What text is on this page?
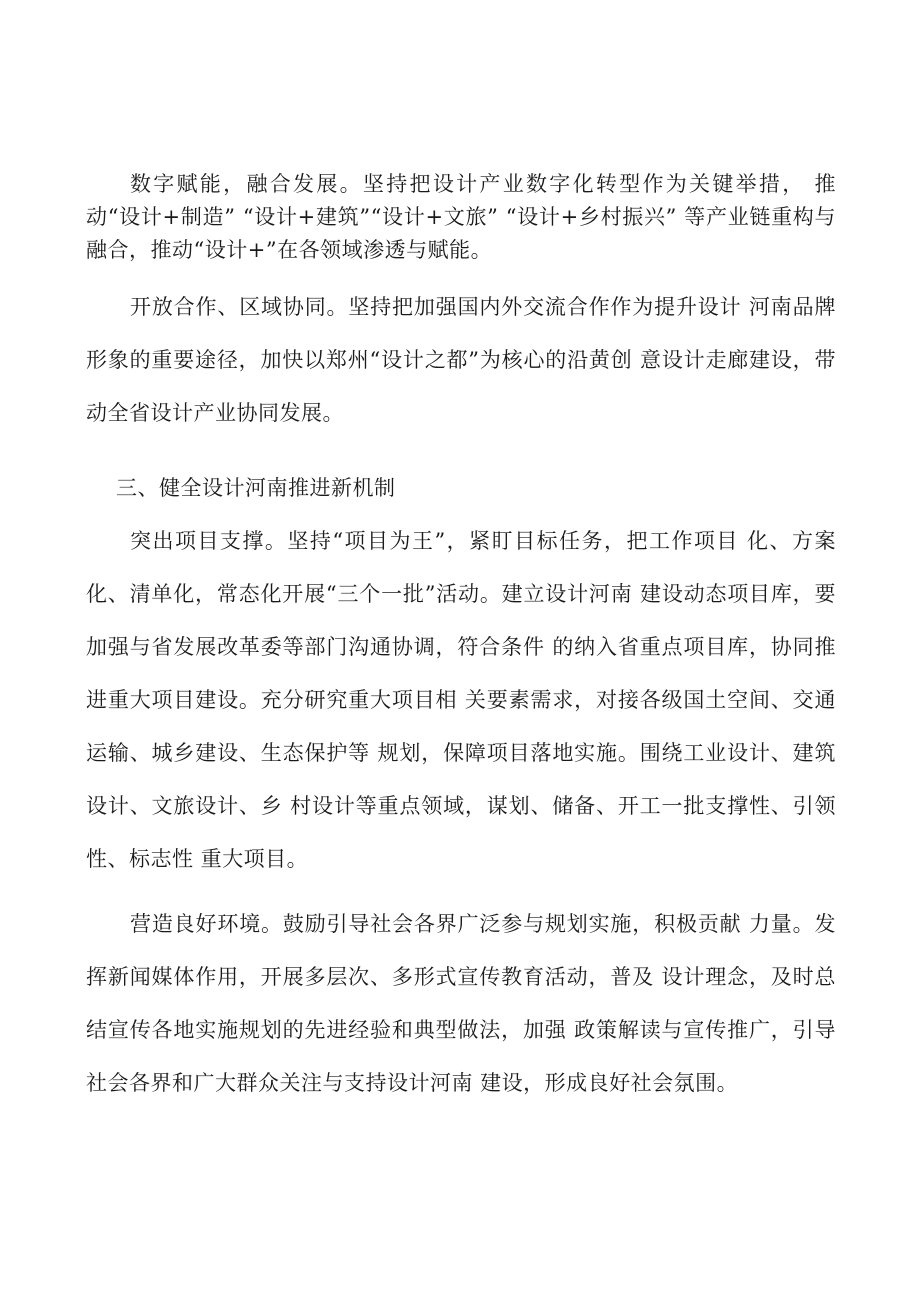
数字赋能，融合发展。坚持把设计产业数字化转型作为关键举措， 推动“设计+制造” “设计+建筑”“设计+文旅” “设计+乡村振兴” 等产业链重构与融合，推动“设计+”在各领域渗透与赋能。

开放合作、区域协同。坚持把加强国内外交流合作作为提升设计 河南品牌形象的重要途径，加快以郑州“设计之都”为核心的沿黄创 意设计走廊建设，带动全省设计产业协同发展。

三、健全设计河南推进新机制

突出项目支撑。坚持“项目为王”，紧盯目标任务，把工作项目 化、方案化、清单化，常态化开展“三个一批”活动。建立设计河南 建设动态项目库，要加强与省发展改革委等部门沟通协调，符合条件 的纳入省重点项目库，协同推进重大项目建设。充分研究重大项目相 关要素需求，对接各级国土空间、交通运输、城乡建设、生态保护等 规划，保障项目落地实施。围绕工业设计、建筑设计、文旅设计、乡 村设计等重点领域，谋划、储备、开工一批支撑性、引领性、标志性 重大项目。

营造良好环境。鼓励引导社会各界广泛参与规划实施，积极贡献 力量。发挥新闻媒体作用，开展多层次、多形式宣传教育活动，普及 设计理念，及时总结宣传各地实施规划的先进经验和典型做法，加强 政策解读与宣传推广，引导社会各界和广大群众关注与支持设计河南 建设，形成良好社会氛围。
